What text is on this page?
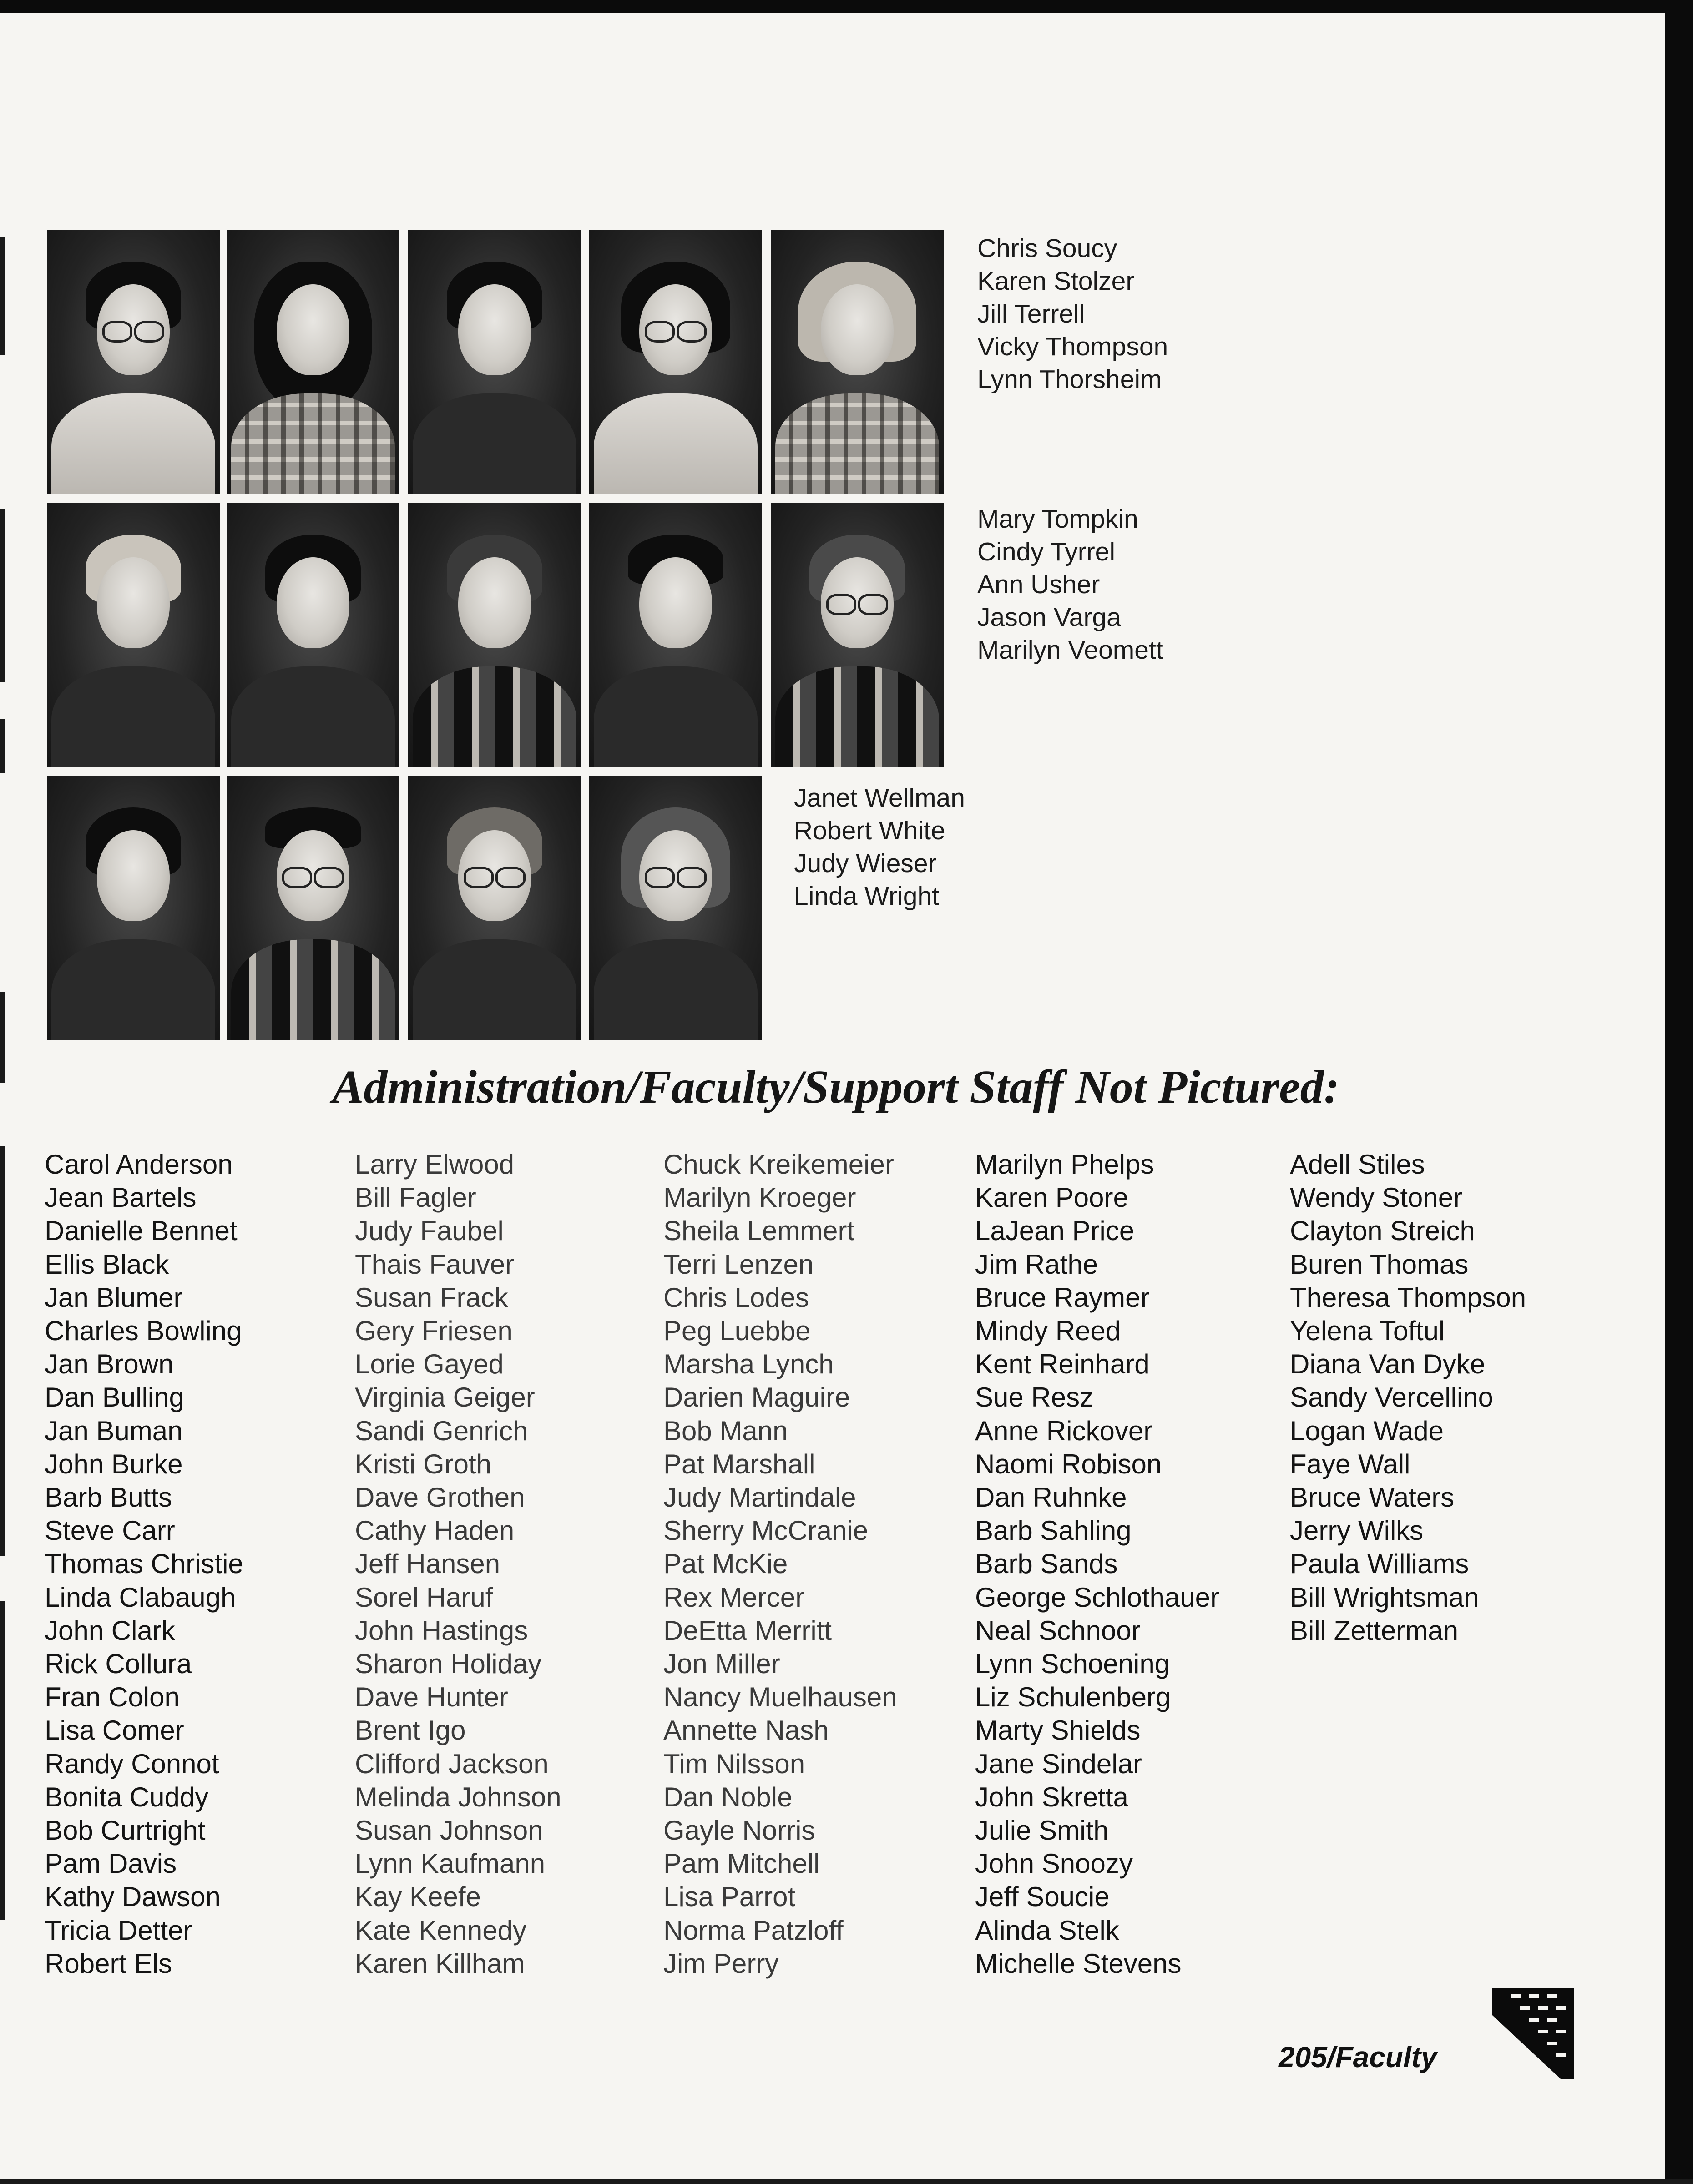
Chris Soucy
Karen Stolzer
Jill Terrell
Vicky Thompson
Lynn Thorsheim
Mary Tompkin
Cindy Tyrrel
Ann Usher
Jason Varga
Marilyn Veomett
Janet Wellman
Robert White
Judy Wieser
Linda Wright
Administration/Faculty/Support Staff Not Pictured:
Carol Anderson
Jean Bartels
Danielle Bennet
Ellis Black
Jan Blumer
Charles Bowling
Jan Brown
Dan Bulling
Jan Buman
John Burke
Barb Butts
Steve Carr
Thomas Christie
Linda Clabaugh
John Clark
Rick Collura
Fran Colon
Lisa Comer
Randy Connot
Bonita Cuddy
Bob Curtright
Pam Davis
Kathy Dawson
Tricia Detter
Robert Els
Larry Elwood
Bill Fagler
Judy Faubel
Thais Fauver
Susan Frack
Gery Friesen
Lorie Gayed
Virginia Geiger
Sandi Genrich
Kristi Groth
Dave Grothen
Cathy Haden
Jeff Hansen
Sorel Haruf
John Hastings
Sharon Holiday
Dave Hunter
Brent Igo
Clifford Jackson
Melinda Johnson
Susan Johnson
Lynn Kaufmann
Kay Keefe
Kate Kennedy
Karen Killham
Chuck Kreikemeier
Marilyn Kroeger
Sheila Lemmert
Terri Lenzen
Chris Lodes
Peg Luebbe
Marsha Lynch
Darien Maguire
Bob Mann
Pat Marshall
Judy Martindale
Sherry McCranie
Pat McKie
Rex Mercer
DeEtta Merritt
Jon Miller
Nancy Muelhausen
Annette Nash
Tim Nilsson
Dan Noble
Gayle Norris
Pam Mitchell
Lisa Parrot
Norma Patzloff
Jim Perry
Marilyn Phelps
Karen Poore
LaJean Price
Jim Rathe
Bruce Raymer
Mindy Reed
Kent Reinhard
Sue Resz
Anne Rickover
Naomi Robison
Dan Ruhnke
Barb Sahling
Barb Sands
George Schlothauer
Neal Schnoor
Lynn Schoening
Liz Schulenberg
Marty Shields
Jane Sindelar
John Skretta
Julie Smith
John Snoozy
Jeff Soucie
Alinda Stelk
Michelle Stevens
Adell Stiles
Wendy Stoner
Clayton Streich
Buren Thomas
Theresa Thompson
Yelena Toftul
Diana Van Dyke
Sandy Vercellino
Logan Wade
Faye Wall
Bruce Waters
Jerry Wilks
Paula Williams
Bill Wrightsman
Bill Zetterman
205/Faculty
